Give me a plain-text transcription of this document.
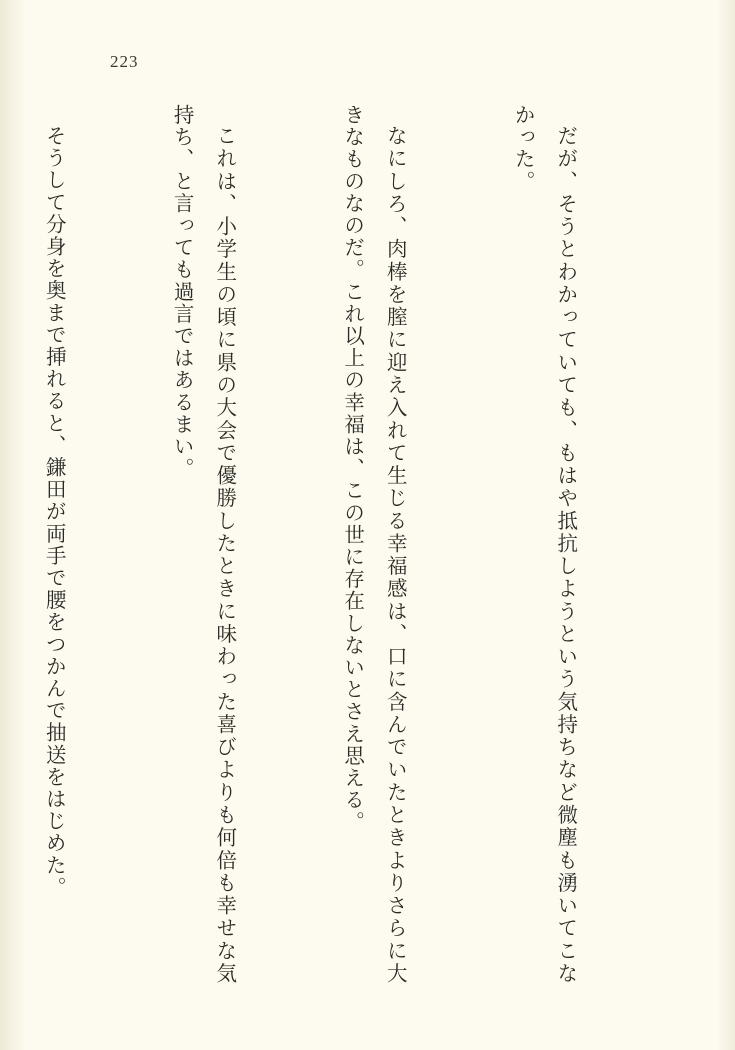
223

だが、そうとわかっていても、もはや抵抗しようという気持ちなど微塵も湧いてこなかった。

なにしろ、肉棒を膣に迎え入れて生じる幸福感は、口に含んでいたときよりさらに大きなものなのだ。これ以上の幸福は、この世に存在しないとさえ思える。

これは、小学生の頃に県の大会で優勝したときに味わった喜びよりも何倍も幸せな気持ち、と言っても過言ではあるまい。

そうして分身を奥まで挿れると、鎌田が両手で腰をつかんで抽送をはじめた。
